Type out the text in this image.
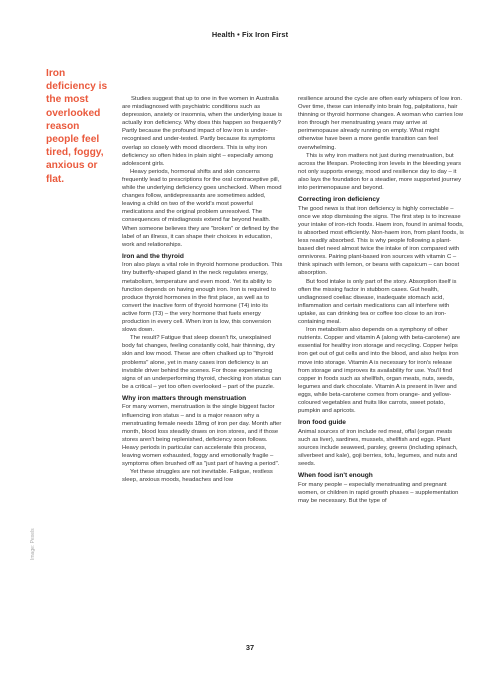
Health • Fix Iron First
Iron deficiency is the most overlooked reason people feel tired, foggy, anxious or flat.

Studies suggest that up to one in five women in Australia are misdiagnosed with psychiatric conditions such as depression, anxiety or insomnia, when the underlying issue is actually iron deficiency. Why does this happen so frequently? Partly because the profound impact of low iron is under-recognised and under-tested. Partly because its symptoms overlap so closely with mood disorders. This is why iron deficiency so often hides in plain sight – especially among adolescent girls.

Heavy periods, hormonal shifts and skin concerns frequently lead to prescriptions for the oral contraceptive pill, while the underlying deficiency goes unchecked. When mood changes follow, antidepressants are sometimes added, leaving a child on two of the world's most powerful medications and the original problem unresolved. The consequences of misdiagnosis extend far beyond health. When someone believes they are "broken" or defined by the label of an illness, it can shape their choices in education, work and relationships.

Iron and the thyroid

Iron also plays a vital role in thyroid hormone production. This tiny butterfly-shaped gland in the neck regulates energy, metabolism, temperature and even mood. Yet its ability to function depends on having enough iron. Iron is required to produce thyroid hormones in the first place, as well as to convert the inactive form of thyroid hormone (T4) into its active form (T3) – the very hormone that fuels energy production in every cell. When iron is low, this conversion slows down.

The result? Fatigue that sleep doesn't fix, unexplained body fat changes, feeling constantly cold, hair thinning, dry skin and low mood. These are often chalked up to "thyroid problems" alone, yet in many cases iron deficiency is an invisible driver behind the scenes. For those experiencing signs of an underperforming thyroid, checking iron status can be a critical – yet too often overlooked – part of the puzzle.

Why iron matters through menstruation

For many women, menstruation is the single biggest factor influencing iron status – and is a major reason why a menstruating female needs 18mg of iron per day. Month after month, blood loss steadily draws on iron stores, and if those stores aren't being replenished, deficiency soon follows. Heavy periods in particular can accelerate this process, leaving women exhausted, foggy and emotionally fragile – symptoms often brushed off as "just part of having a period".

Yet these struggles are not inevitable. Fatigue, restless sleep, anxious moods, headaches and low

resilience around the cycle are often early whispers of low iron. Over time, these can intensify into brain fog, palpitations, hair thinning or thyroid hormone changes. A woman who carries low iron through her menstruating years may arrive at perimenopause already running on empty. What might otherwise have been a more gentle transition can feel overwhelming.

This is why iron matters not just during menstruation, but across the lifespan. Protecting iron levels in the bleeding years not only supports energy, mood and resilience day to day – it also lays the foundation for a steadier, more supported journey into perimenopause and beyond.

Correcting iron deficiency

The good news is that iron deficiency is highly correctable – once we stop dismissing the signs. The first step is to increase your intake of iron-rich foods. Haem iron, found in animal foods, is absorbed most efficiently. Non-haem iron, from plant foods, is less readily absorbed. This is why people following a plant-based diet need almost twice the intake of iron compared with omnivores. Pairing plant-based iron sources with vitamin C – think spinach with lemon, or beans with capsicum – can boost absorption.

But food intake is only part of the story. Absorption itself is often the missing factor in stubborn cases. Gut health, undiagnosed coeliac disease, inadequate stomach acid, inflammation and certain medications can all interfere with uptake, as can drinking tea or coffee too close to an iron-containing meal.

Iron metabolism also depends on a symphony of other nutrients. Copper and vitamin A (along with beta-carotene) are essential for healthy iron storage and recycling. Copper helps iron get out of gut cells and into the blood, and also helps iron move into storage. Vitamin A is necessary for iron's release from storage and improves its availability for use. You'll find copper in foods such as shellfish, organ meats, nuts, seeds, legumes and dark chocolate. Vitamin A is present in liver and eggs, while beta-carotene comes from orange- and yellow-coloured vegetables and fruits like carrots, sweet potato, pumpkin and apricots.

Iron food guide

Animal sources of iron include red meat, offal (organ meats such as liver), sardines, mussels, shellfish and eggs. Plant sources include seaweed, parsley, greens (including spinach, silverbeet and kale), goji berries, tofu, legumes, and nuts and seeds.

When food isn't enough

For many people – especially menstruating and pregnant women, or children in rapid growth phases – supplementation may be necessary. But the type of

Image: Pexels
37
